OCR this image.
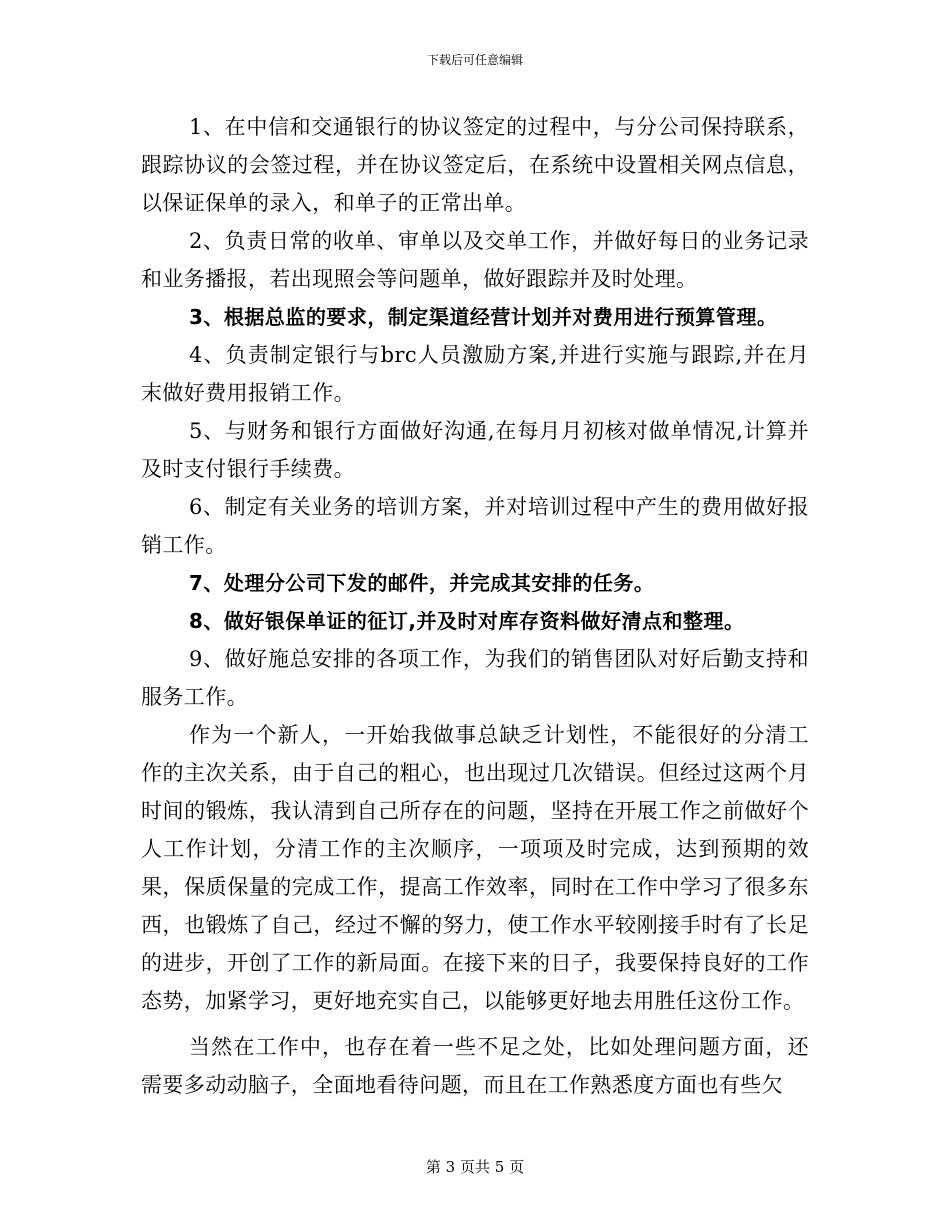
下载后可任意编辑

1、在中信和交通银行的协议签定的过程中，与分公司保持联系，跟踪协议的会签过程，并在协议签定后，在系统中设置相关网点信息，以保证保单的录入，和单子的正常出单。

2、负责日常的收单、审单以及交单工作，并做好每日的业务记录和业务播报，若出现照会等问题单，做好跟踪并及时处理。

3、根据总监的要求，制定渠道经营计划并对费用进行预算管理。

4、负责制定银行与brc人员激励方案,并进行实施与跟踪,并在月末做好费用报销工作。

5、与财务和银行方面做好沟通,在每月月初核对做单情况,计算并及时支付银行手续费。

6、制定有关业务的培训方案，并对培训过程中产生的费用做好报销工作。

7、处理分公司下发的邮件，并完成其安排的任务。

8、做好银保单证的征订,并及时对库存资料做好清点和整理。

9、做好施总安排的各项工作，为我们的销售团队对好后勤支持和服务工作。

作为一个新人，一开始我做事总缺乏计划性，不能很好的分清工作的主次关系，由于自己的粗心，也出现过几次错误。但经过这两个月时间的锻炼，我认清到自己所存在的问题，坚持在开展工作之前做好个人工作计划，分清工作的主次顺序，一项项及时完成，达到预期的效果，保质保量的完成工作，提高工作效率，同时在工作中学习了很多东西，也锻炼了自己，经过不懈的努力，使工作水平较刚接手时有了长足的进步，开创了工作的新局面。在接下来的日子，我要保持良好的工作态势，加紧学习，更好地充实自己，以能够更好地去用胜任这份工作。

当然在工作中，也存在着一些不足之处，比如处理问题方面，还需要多动动脑子，全面地看待问题，而且在工作熟悉度方面也有些欠

第 3 页共 5 页
